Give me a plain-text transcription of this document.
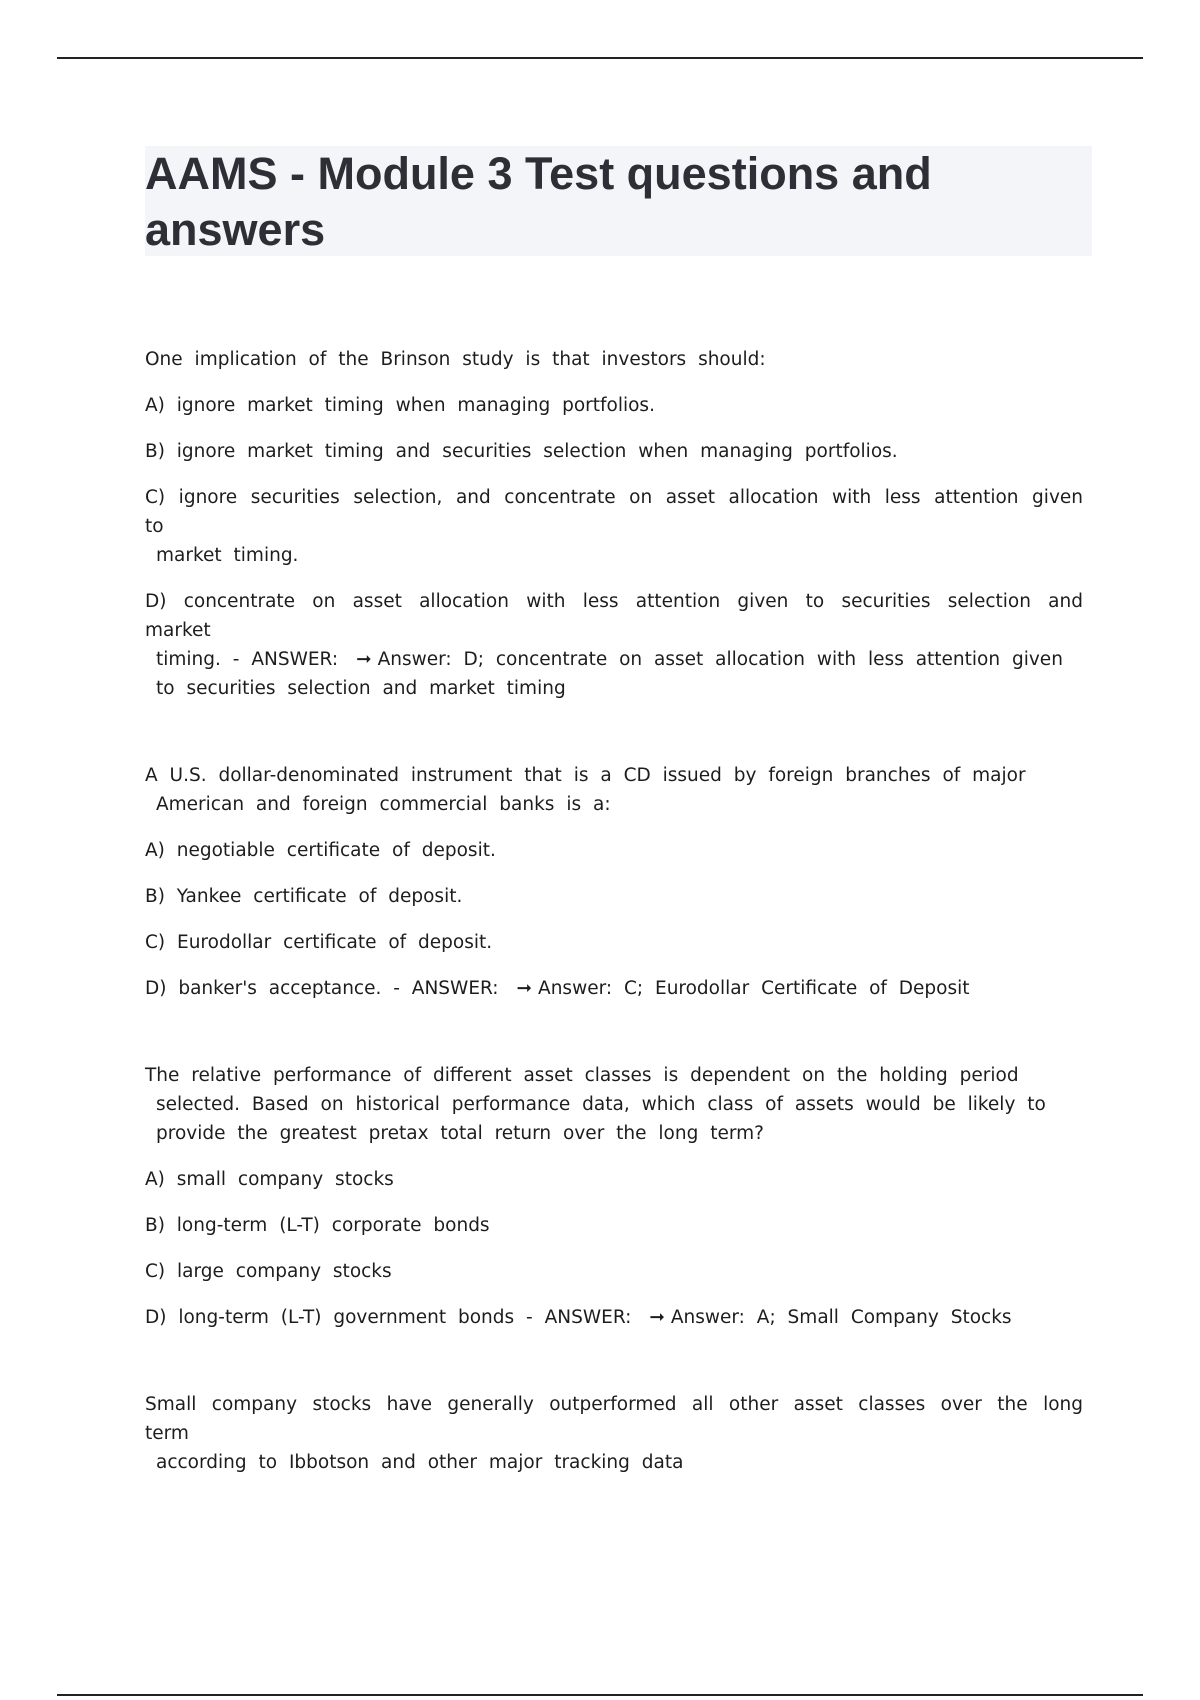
AAMS - Module 3 Test questions and
answers
One implication of the Brinson study is that investors should:
A) ignore market timing when managing portfolios.
B) ignore market timing and securities selection when managing portfolios.
C) ignore securities selection, and concentrate on asset allocation with less attention given to
market timing.
D) concentrate on asset allocation with less attention given to securities selection and market
timing. - ANSWER: ➞ Answer: D; concentrate on asset allocation with less attention given
to securities selection and market timing
A U.S. dollar-denominated instrument that is a CD issued by foreign branches of major
American and foreign commercial banks is a:
A) negotiable certificate of deposit.
B) Yankee certificate of deposit.
C) Eurodollar certificate of deposit.
D) banker's acceptance. - ANSWER: ➞ Answer: C; Eurodollar Certificate of Deposit
The relative performance of different asset classes is dependent on the holding period
selected. Based on historical performance data, which class of assets would be likely to
provide the greatest pretax total return over the long term?
A) small company stocks
B) long-term (L-T) corporate bonds
C) large company stocks
D) long-term (L-T) government bonds - ANSWER: ➞ Answer: A; Small Company Stocks
Small company stocks have generally outperformed all other asset classes over the long term
according to Ibbotson and other major tracking data
